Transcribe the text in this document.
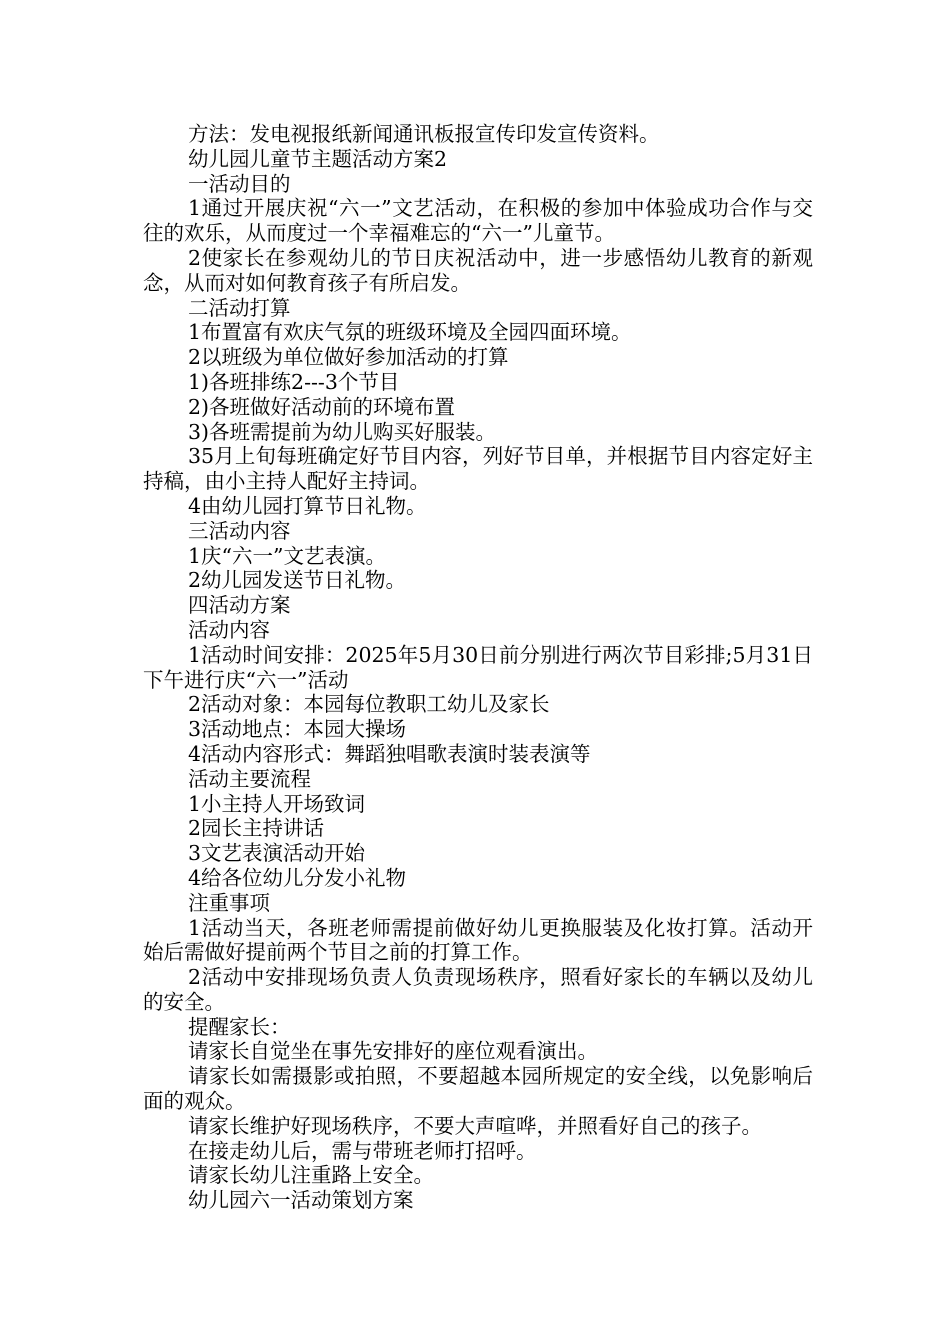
方法：发电视报纸新闻通讯板报宣传印发宣传资料。

幼儿园儿童节主题活动方案2

一活动目的

1通过开展庆祝“六一”文艺活动，在积极的参加中体验成功合作与交往的欢乐，从而度过一个幸福难忘的“六一”儿童节。

2使家长在参观幼儿的节日庆祝活动中，进一步感悟幼儿教育的新观念，从而对如何教育孩子有所启发。

二活动打算

1布置富有欢庆气氛的班级环境及全园四面环境。

2以班级为单位做好参加活动的打算

1)各班排练2---3个节目

2)各班做好活动前的环境布置

3)各班需提前为幼儿购买好服装。

35月上旬每班确定好节目内容，列好节目单，并根据节目内容定好主持稿，由小主持人配好主持词。

4由幼儿园打算节日礼物。

三活动内容

1庆“六一”文艺表演。

2幼儿园发送节日礼物。

四活动方案

活动内容

1活动时间安排：2025年5月30日前分别进行两次节目彩排;5月31日下午进行庆“六一”活动

2活动对象：本园每位教职工幼儿及家长

3活动地点：本园大操场

4活动内容形式：舞蹈独唱歌表演时装表演等

活动主要流程

1小主持人开场致词

2园长主持讲话

3文艺表演活动开始

4给各位幼儿分发小礼物

注重事项

1活动当天，各班老师需提前做好幼儿更换服装及化妆打算。活动开始后需做好提前两个节目之前的打算工作。

2活动中安排现场负责人负责现场秩序，照看好家长的车辆以及幼儿的安全。

提醒家长：

请家长自觉坐在事先安排好的座位观看演出。

请家长如需摄影或拍照，不要超越本园所规定的安全线，以免影响后面的观众。

请家长维护好现场秩序，不要大声喧哗，并照看好自己的孩子。

在接走幼儿后，需与带班老师打招呼。

请家长幼儿注重路上安全。

幼儿园六一活动策划方案
